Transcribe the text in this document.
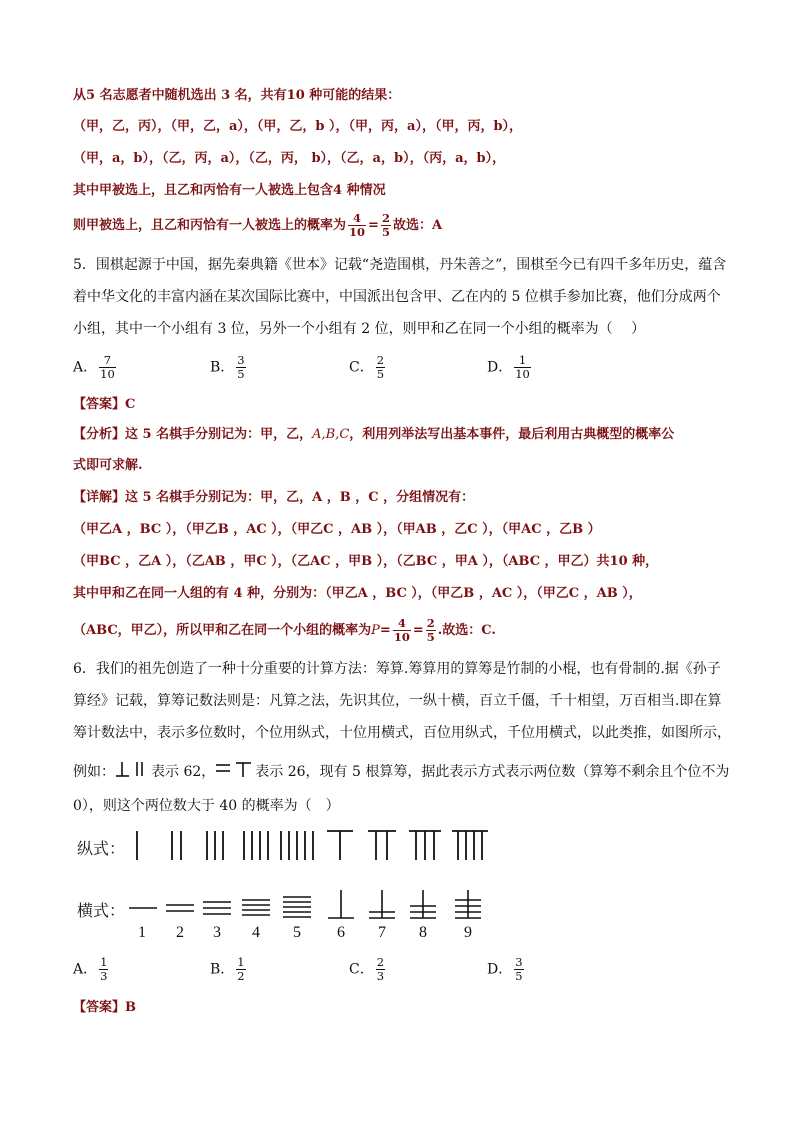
从5 名志愿者中随机选出 3 名，共有10 种可能的结果：
（甲，乙，丙），（甲，乙，a），（甲，乙，b ），（甲，丙，a），（甲，丙，b），
（甲，a，b），（乙，丙，a），（乙，丙， b），（乙，a，b），（丙，a，b），
其中甲被选上，且乙和丙恰有一人被选上包含4 种情况
则甲被选上，且乙和丙恰有一人被选上的概率为 $\frac{4}{10} = \frac{2}{5}$ 故选：A
5．围棋起源于中国，据先秦典籍《世本》记载“尧造围棋，丹朱善之”，围棋至今已有四千多年历史，蕴含
着中华文化的丰富内涵在某次国际比赛中，中国派出包含甲、乙在内的 5 位棋手参加比赛，他们分成两个
小组，其中一个小组有 3 位，另外一个小组有 2 位，则甲和乙在同一个小组的概率为（　 ）
A． $\frac{7}{10}$	B． $\frac{3}{5}$	C． $\frac{2}{5}$	D． $\frac{1}{10}$
【答案】C
【分析】这 5 名棋手分别记为：甲，乙，A,B,C，利用列举法写出基本事件，最后利用古典概型的概率公
式即可求解.
【详解】这 5 名棋手分别记为：甲，乙，A ，B ，C ，分组情况有：
（甲乙A ，BC ），（甲乙B ，AC ），（甲乙C ，AB ），（甲AB ，乙C ），（甲AC ，乙B ）
（甲BC ，乙A ），（乙AB ，甲C ），（乙AC ，甲B ），（乙BC ，甲A ），（ABC ，甲乙）共10 种，
其中甲和乙在同一人组的有 4 种，分别为：（甲乙A ，BC ），（甲乙B ，AC ），（甲乙C ，AB ），
（ABC，甲乙），所以甲和乙在同一个小组的概率为$P= \frac{4}{10} = \frac{2}{5}$ .故选：C.
6．我们的祖先创造了一种十分重要的计算方法：筹算.筹算用的算筹是竹制的小棍，也有骨制的.据《孙子
算经》记载，算筹记数法则是：凡算之法，先识其位，一纵十横，百立千僵，千十相望，万百相当.即在算
筹计数法中，表示多位数时，个位用纵式，十位用横式，百位用纵式，千位用横式，以此类推，如图所示，
例如：	表示 62，	表示 26，现有 5 根算筹，据此表示方式表示两位数（算筹不剩余且个位不为
0），则这个两位数大于 40 的概率为（　）
纵式：
横式：
1	2	3	4	5	6	7	8	9
A． $\frac{1}{3}$	B． $\frac{1}{2}$	C． $\frac{2}{3}$	D． $\frac{3}{5}$
【答案】B
